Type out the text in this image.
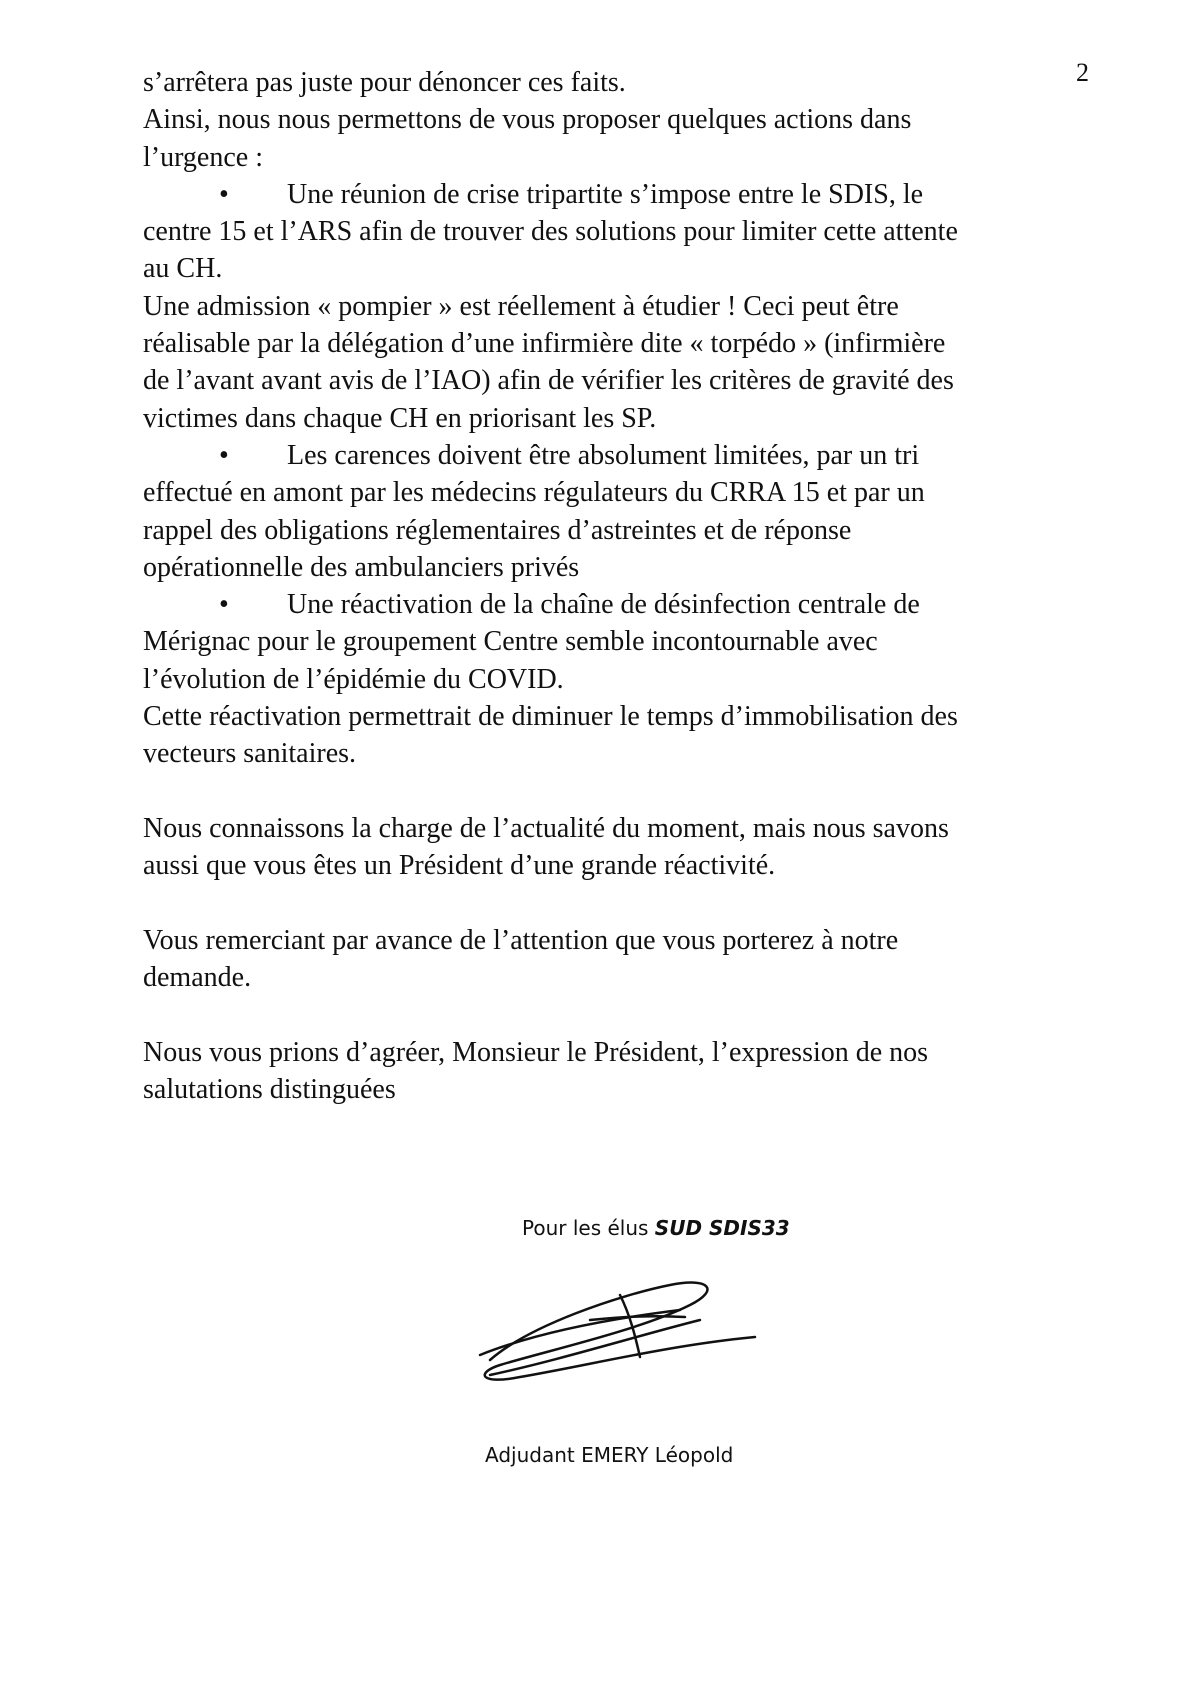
2
s’arrêtera pas juste pour dénoncer ces faits.
Ainsi, nous nous permettons de vous proposer quelques actions dans
l’urgence :
• Une réunion de crise tripartite s’impose entre le SDIS, le
centre 15 et l’ARS afin de trouver des solutions pour limiter cette attente
au CH.
Une admission « pompier » est réellement à étudier ! Ceci peut être
réalisable par la délégation d’une infirmière dite « torpédo » (infirmière
de l’avant avant avis de l’IAO) afin de vérifier les critères de gravité des
victimes dans chaque CH en priorisant les SP.
• Les carences doivent être absolument limitées, par un tri
effectué en amont par les médecins régulateurs du CRRA 15 et par un
rappel des obligations réglementaires d’astreintes et de réponse
opérationnelle des ambulanciers privés
• Une réactivation de la chaîne de désinfection centrale de
Mérignac pour le groupement Centre semble incontournable avec
l’évolution de l’épidémie du COVID.
Cette réactivation permettrait de diminuer le temps d’immobilisation des
vecteurs sanitaires.
Nous connaissons la charge de l’actualité du moment, mais nous savons
aussi que vous êtes un Président d’une grande réactivité.
Vous remerciant par avance de l’attention que vous porterez à notre
demande.
Nous vous prions d’agréer, Monsieur le Président, l’expression de nos
salutations distinguées
Pour les élus SUD SDIS33
Adjudant EMERY Léopold
